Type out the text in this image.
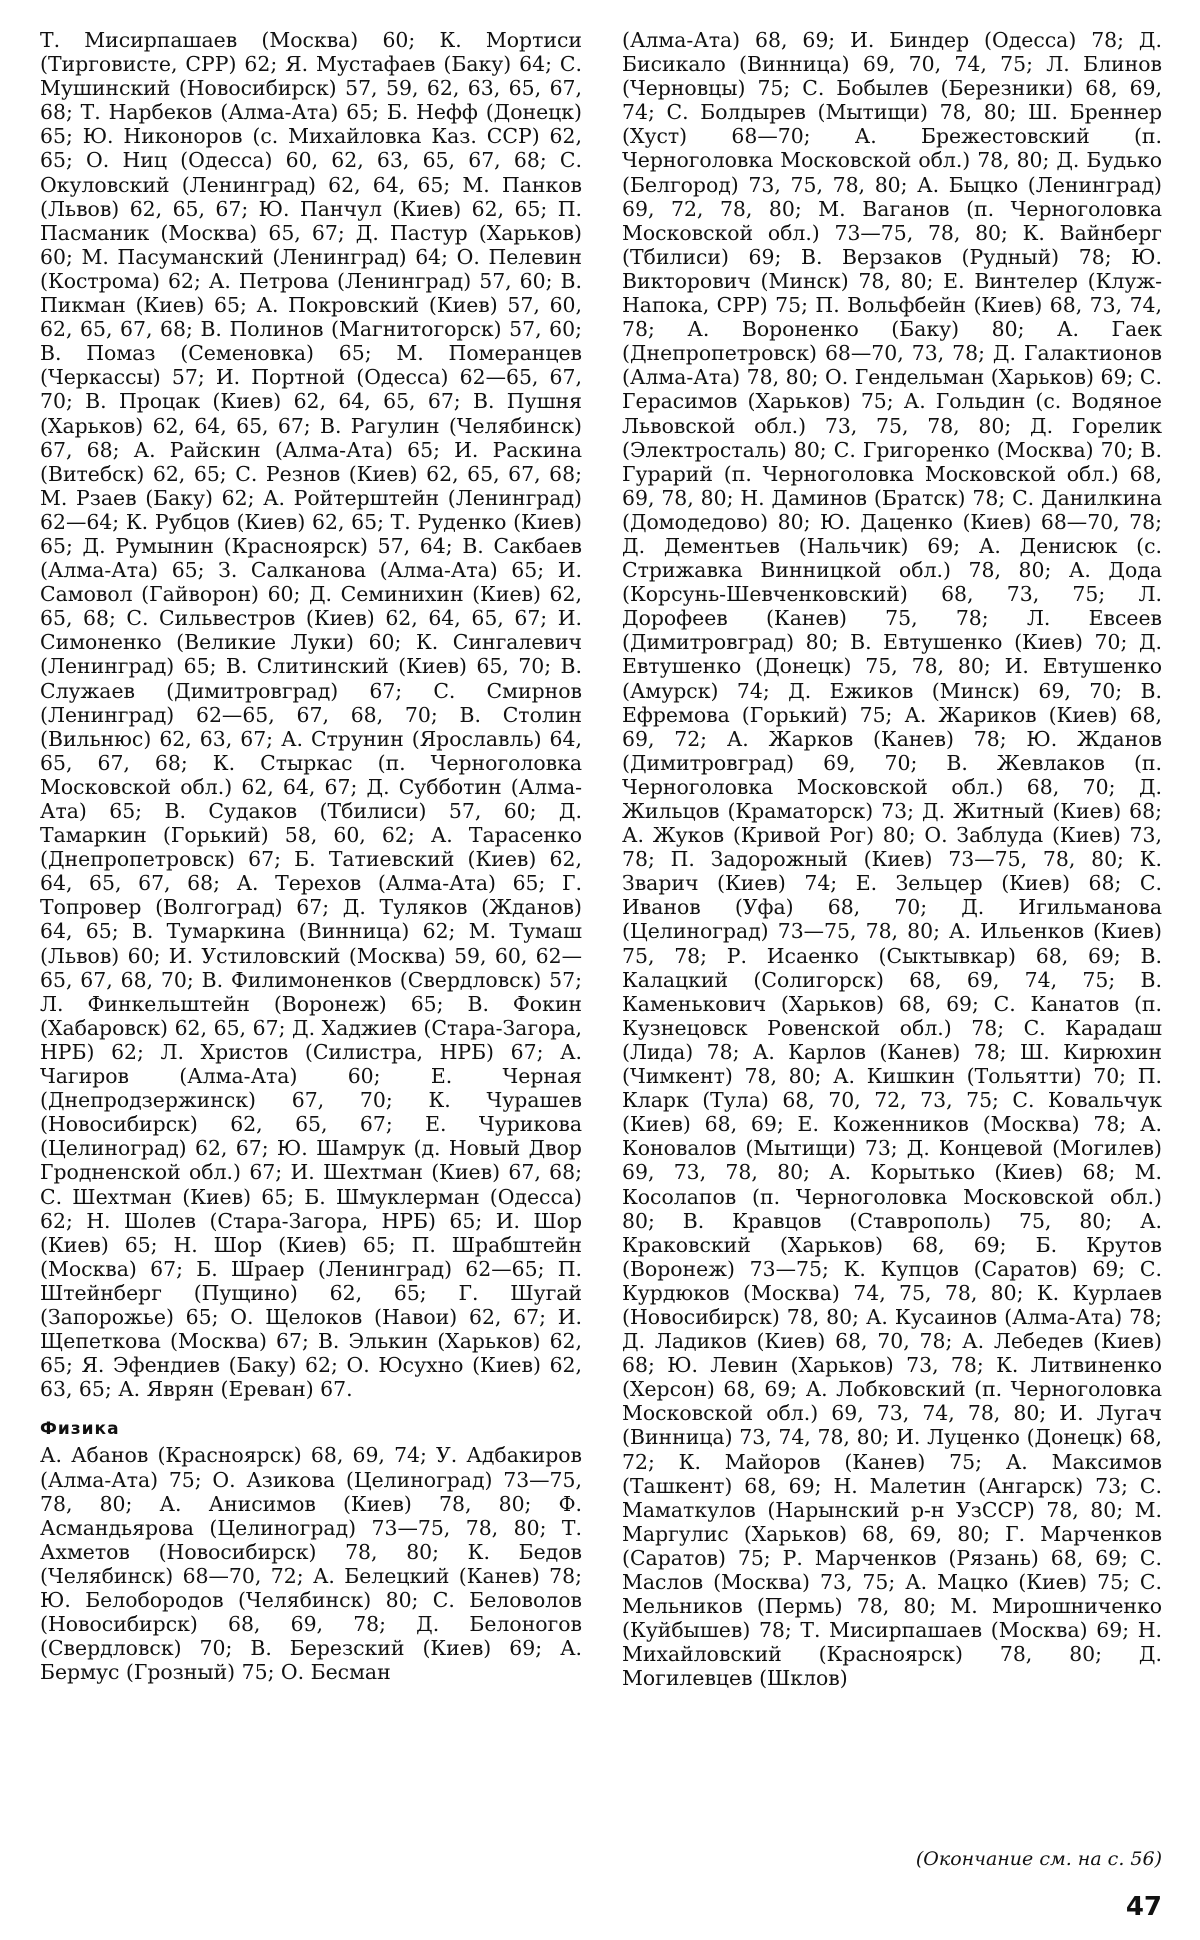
Т. Мисирпашаев (Москва) 60; К. Мортиси (Тирговисте, СРР) 62; Я. Мустафаев (Баку) 64; С. Мушинский (Новосибирск) 57, 59, 62, 63, 65, 67, 68; Т. Нарбеков (Алма-Ата) 65; Б. Нефф (Донецк) 65; Ю. Никоноров (с. Михайловка Каз. ССР) 62, 65; О. Ниц (Одесса) 60, 62, 63, 65, 67, 68; С. Окуловский (Ленинград) 62, 64, 65; М. Панков (Львов) 62, 65, 67; Ю. Панчул (Киев) 62, 65; П. Пасманик (Москва) 65, 67; Д. Пастур (Харьков) 60; М. Пасуманский (Ленинград) 64; О. Пелевин (Кострома) 62; А. Петрова (Ленинград) 57, 60; В. Пикман (Киев) 65; А. Покровский (Киев) 57, 60, 62, 65, 67, 68; В. Полинов (Магнитогорск) 57, 60; В. Помаз (Семеновка) 65; М. Померанцев (Черкассы) 57; И. Портной (Одесса) 62—65, 67, 70; В. Процак (Киев) 62, 64, 65, 67; В. Пушня (Харьков) 62, 64, 65, 67; В. Рагулин (Челябинск) 67, 68; А. Райскин (Алма-Ата) 65; И. Раскина (Витебск) 62, 65; С. Резнов (Киев) 62, 65, 67, 68; М. Рзаев (Баку) 62; А. Ройтерштейн (Ленинград) 62—64; К. Рубцов (Киев) 62, 65; Т. Руденко (Киев) 65; Д. Румынин (Красноярск) 57, 64; В. Сакбаев (Алма-Ата) 65; З. Салканова (Алма-Ата) 65; И. Самовол (Гайворон) 60; Д. Семинихин (Киев) 62, 65, 68; С. Сильвестров (Киев) 62, 64, 65, 67; И. Симоненко (Великие Луки) 60; К. Сингалевич (Ленинград) 65; В. Слитинский (Киев) 65, 70; В. Служаев (Димитровград) 67; С. Смирнов (Ленинград) 62—65, 67, 68, 70; В. Столин (Вильнюс) 62, 63, 67; А. Струнин (Ярославль) 64, 65, 67, 68; К. Стыркас (п. Черноголовка Московской обл.) 62, 64, 67; Д. Субботин (Алма-Ата) 65; В. Судаков (Тбилиси) 57, 60; Д. Тамаркин (Горький) 58, 60, 62; А. Тарасенко (Днепропетровск) 67; Б. Татиевский (Киев) 62, 64, 65, 67, 68; А. Терехов (Алма-Ата) 65; Г. Топровер (Волгоград) 67; Д. Туляков (Жданов) 64, 65; В. Тумаркина (Винница) 62; М. Тумаш (Львов) 60; И. Устиловский (Москва) 59, 60, 62—65, 67, 68, 70; В. Филимоненков (Свердловск) 57; Л. Финкельштейн (Воронеж) 65; В. Фокин (Хабаровск) 62, 65, 67; Д. Хаджиев (Стара-Загора, НРБ) 62; Л. Христов (Силистра, НРБ) 67; А. Чагиров (Алма-Ата) 60; Е. Черная (Днепродзержинск) 67, 70; К. Чурашев (Новосибирск) 62, 65, 67; Е. Чурикова (Целиноград) 62, 67; Ю. Шамрук (д. Новый Двор Гродненской обл.) 67; И. Шехтман (Киев) 67, 68; С. Шехтман (Киев) 65; Б. Шмуклерман (Одесса) 62; Н. Шолев (Стара-Загора, НРБ) 65; И. Шор (Киев) 65; Н. Шор (Киев) 65; П. Шрабштейн (Москва) 67; Б. Шраер (Ленинград) 62—65; П. Штейнберг (Пущино) 62, 65; Г. Шугай (Запорожье) 65; О. Щелоков (Навои) 62, 67; И. Щепеткова (Москва) 67; В. Элькин (Харьков) 62, 65; Я. Эфендиев (Баку) 62; О. Юсухно (Киев) 62, 63, 65; А. Яврян (Ереван) 67.

Физика

А. Абанов (Красноярск) 68, 69, 74; У. Адбакиров (Алма-Ата) 75; О. Азикова (Целиноград) 73—75, 78, 80; А. Анисимов (Киев) 78, 80; Ф. Асмандьярова (Целиноград) 73—75, 78, 80; Т. Ахметов (Новосибирск) 78, 80; К. Бедов (Челябинск) 68—70, 72; А. Белецкий (Канев) 78; Ю. Белобородов (Челябинск) 80; С. Беловолов (Новосибирск) 68, 69, 78; Д. Белоногов (Свердловск) 70; В. Березский (Киев) 69; А. Бермус (Грозный) 75; О. Бесман

(Алма-Ата) 68, 69; И. Биндер (Одесса) 78; Д. Бисикало (Винница) 69, 70, 74, 75; Л. Блинов (Черновцы) 75; С. Бобылев (Березники) 68, 69, 74; С. Болдырев (Мытищи) 78, 80; Ш. Бреннер (Хуст) 68—70; А. Брежестовский (п. Черноголовка Московской обл.) 78, 80; Д. Будько (Белгород) 73, 75, 78, 80; А. Быцко (Ленинград) 69, 72, 78, 80; М. Ваганов (п. Черноголовка Московской обл.) 73—75, 78, 80; К. Вайнберг (Тбилиси) 69; В. Верзаков (Рудный) 78; Ю. Викторович (Минск) 78, 80; Е. Винтелер (Клуж-Напока, СРР) 75; П. Вольфбейн (Киев) 68, 73, 74, 78; А. Вороненко (Баку) 80; А. Гаек (Днепропетровск) 68—70, 73, 78; Д. Галактионов (Алма-Ата) 78, 80; О. Гендельман (Харьков) 69; С. Герасимов (Харьков) 75; А. Гольдин (с. Водяное Львовской обл.) 73, 75, 78, 80; Д. Горелик (Электросталь) 80; С. Григоренко (Москва) 70; В. Гурарий (п. Черноголовка Московской обл.) 68, 69, 78, 80; Н. Даминов (Братск) 78; С. Данилкина (Домодедово) 80; Ю. Даценко (Киев) 68—70, 78; Д. Дементьев (Нальчик) 69; А. Денисюк (с. Стрижавка Винницкой обл.) 78, 80; А. Дода (Корсунь-Шевченковский) 68, 73, 75; Л. Дорофеев (Канев) 75, 78; Л. Евсеев (Димитровград) 80; В. Евтушенко (Киев) 70; Д. Евтушенко (Донецк) 75, 78, 80; И. Евтушенко (Амурск) 74; Д. Ежиков (Минск) 69, 70; В. Ефремова (Горький) 75; А. Жариков (Киев) 68, 69, 72; А. Жарков (Канев) 78; Ю. Жданов (Димитровград) 69, 70; В. Жевлаков (п. Черноголовка Московской обл.) 68, 70; Д. Жильцов (Краматорск) 73; Д. Житный (Киев) 68; А. Жуков (Кривой Рог) 80; О. Заблуда (Киев) 73, 78; П. Задорожный (Киев) 73—75, 78, 80; К. Зварич (Киев) 74; Е. Зельцер (Киев) 68; С. Иванов (Уфа) 68, 70; Д. Игильманова (Целиноград) 73—75, 78, 80; А. Ильенков (Киев) 75, 78; Р. Исаенко (Сыктывкар) 68, 69; В. Калацкий (Солигорск) 68, 69, 74, 75; В. Каменькович (Харьков) 68, 69; С. Канатов (п. Кузнецовск Ровенской обл.) 78; С. Карадаш (Лида) 78; А. Карлов (Канев) 78; Ш. Кирюхин (Чимкент) 78, 80; А. Кишкин (Тольятти) 70; П. Кларк (Тула) 68, 70, 72, 73, 75; С. Ковальчук (Киев) 68, 69; Е. Коженников (Москва) 78; А. Коновалов (Мытищи) 73; Д. Концевой (Могилев) 69, 73, 78, 80; А. Корытько (Киев) 68; М. Косолапов (п. Черноголовка Московской обл.) 80; В. Кравцов (Ставрополь) 75, 80; А. Краковский (Харьков) 68, 69; Б. Крутов (Воронеж) 73—75; К. Купцов (Саратов) 69; С. Курдюков (Москва) 74, 75, 78, 80; К. Курлаев (Новосибирск) 78, 80; А. Кусаинов (Алма-Ата) 78; Д. Ладиков (Киев) 68, 70, 78; А. Лебедев (Киев) 68; Ю. Левин (Харьков) 73, 78; К. Литвиненко (Херсон) 68, 69; А. Лобковский (п. Черноголовка Московской обл.) 69, 73, 74, 78, 80; И. Лугач (Винница) 73, 74, 78, 80; И. Луценко (Донецк) 68, 72; К. Майоров (Канев) 75; А. Максимов (Ташкент) 68, 69; Н. Малетин (Ангарск) 73; С. Маматкулов (Нарынский р-н УзССР) 78, 80; М. Маргулис (Харьков) 68, 69, 80; Г. Марченков (Саратов) 75; Р. Марченков (Рязань) 68, 69; С. Маслов (Москва) 73, 75; А. Мацко (Киев) 75; С. Мельников (Пермь) 78, 80; М. Мирошниченко (Куйбышев) 78; Т. Мисирпашаев (Москва) 69; Н. Михайловский (Красноярск) 78, 80; Д. Могилевцев (Шклов)

(Окончание см. на с. 56)
47
